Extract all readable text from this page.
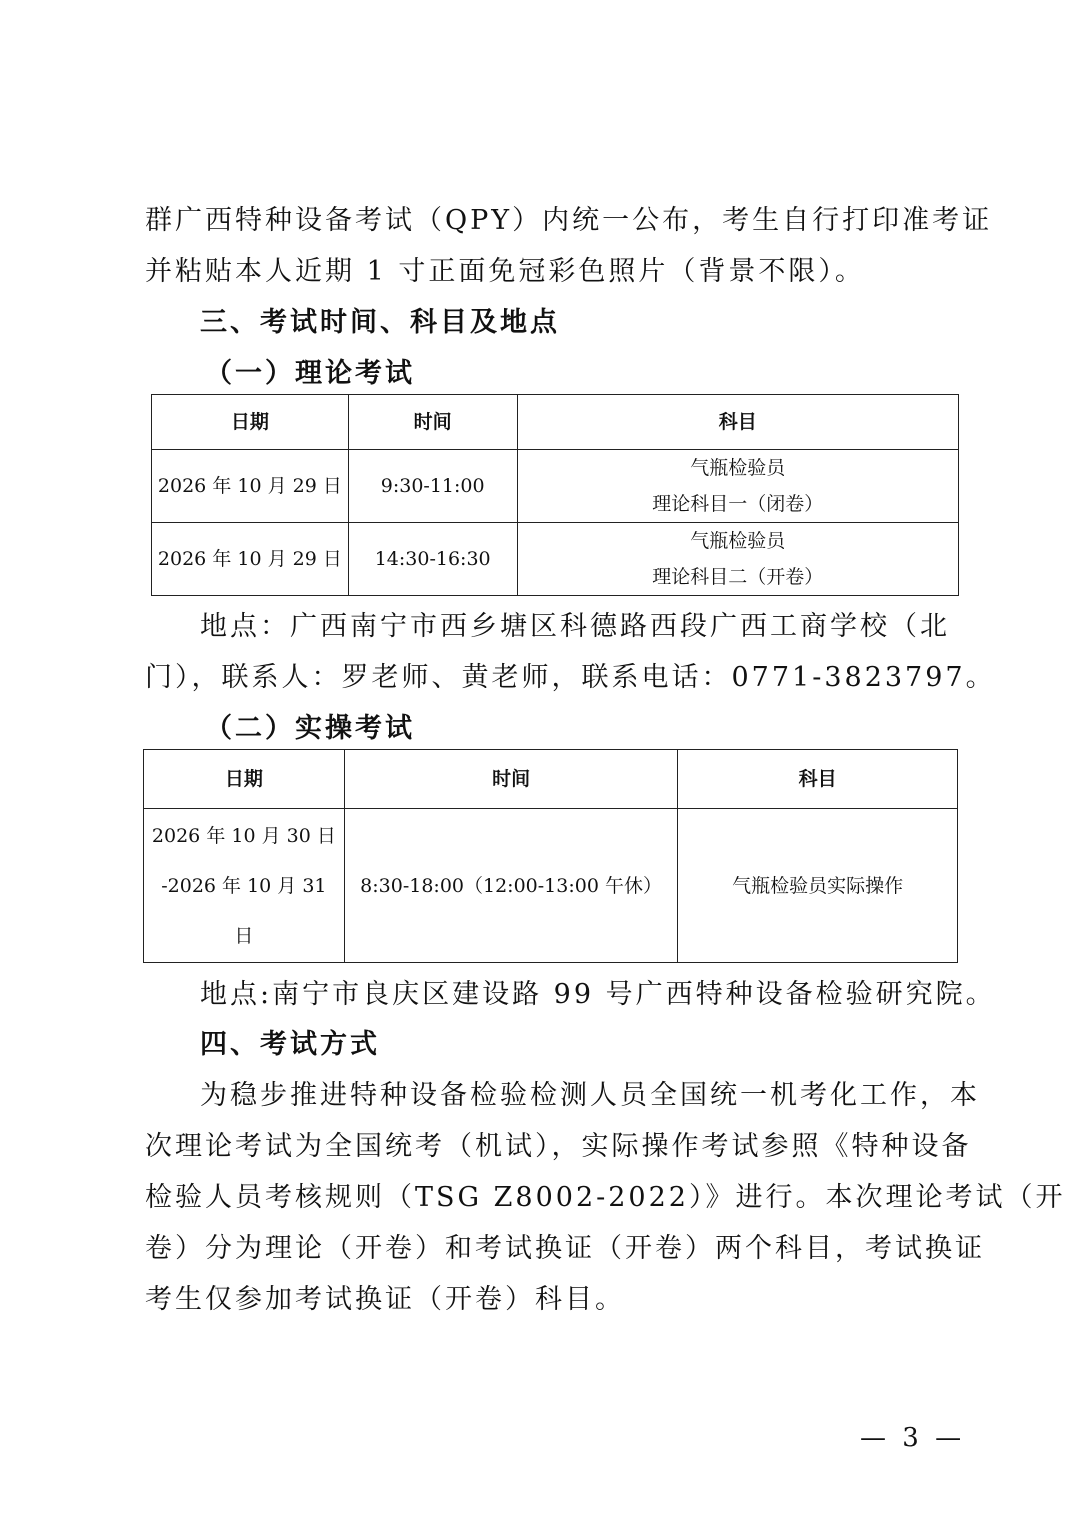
群广西特种设备考试（QPY）内统一公布，考生自行打印准考证
并粘贴本人近期 1 寸正面免冠彩色照片（背景不限）。
三、考试时间、科目及地点
（一）理论考试
日期	时间	科目
2026 年 10 月 29 日	9:30-11:00	气瓶检验员
理论科目一（闭卷）

2026 年 10 月 29 日	14:30-16:30	气瓶检验员
理论科目二（开卷）
地点：广西南宁市西乡塘区科德路西段广西工商学校（北
门），联系人：罗老师、黄老师，联系电话：0771-3823797。
（二）实操考试
日期	时间	科目

2026 年 10 月 30 日
-2026 年 10 月 31
日	8:30-18:00（12:00-13:00 午休）	气瓶检验员实际操作
地点:南宁市良庆区建设路 99 号广西特种设备检验研究院。
四、考试方式
为稳步推进特种设备检验检测人员全国统一机考化工作，本
次理论考试为全国统考（机试），实际操作考试参照《特种设备
检验人员考核规则（TSG Z8002-2022）》进行。本次理论考试（开
卷）分为理论（开卷）和考试换证（开卷）两个科目，考试换证
考生仅参加考试换证（开卷）科目。
— 3 —
